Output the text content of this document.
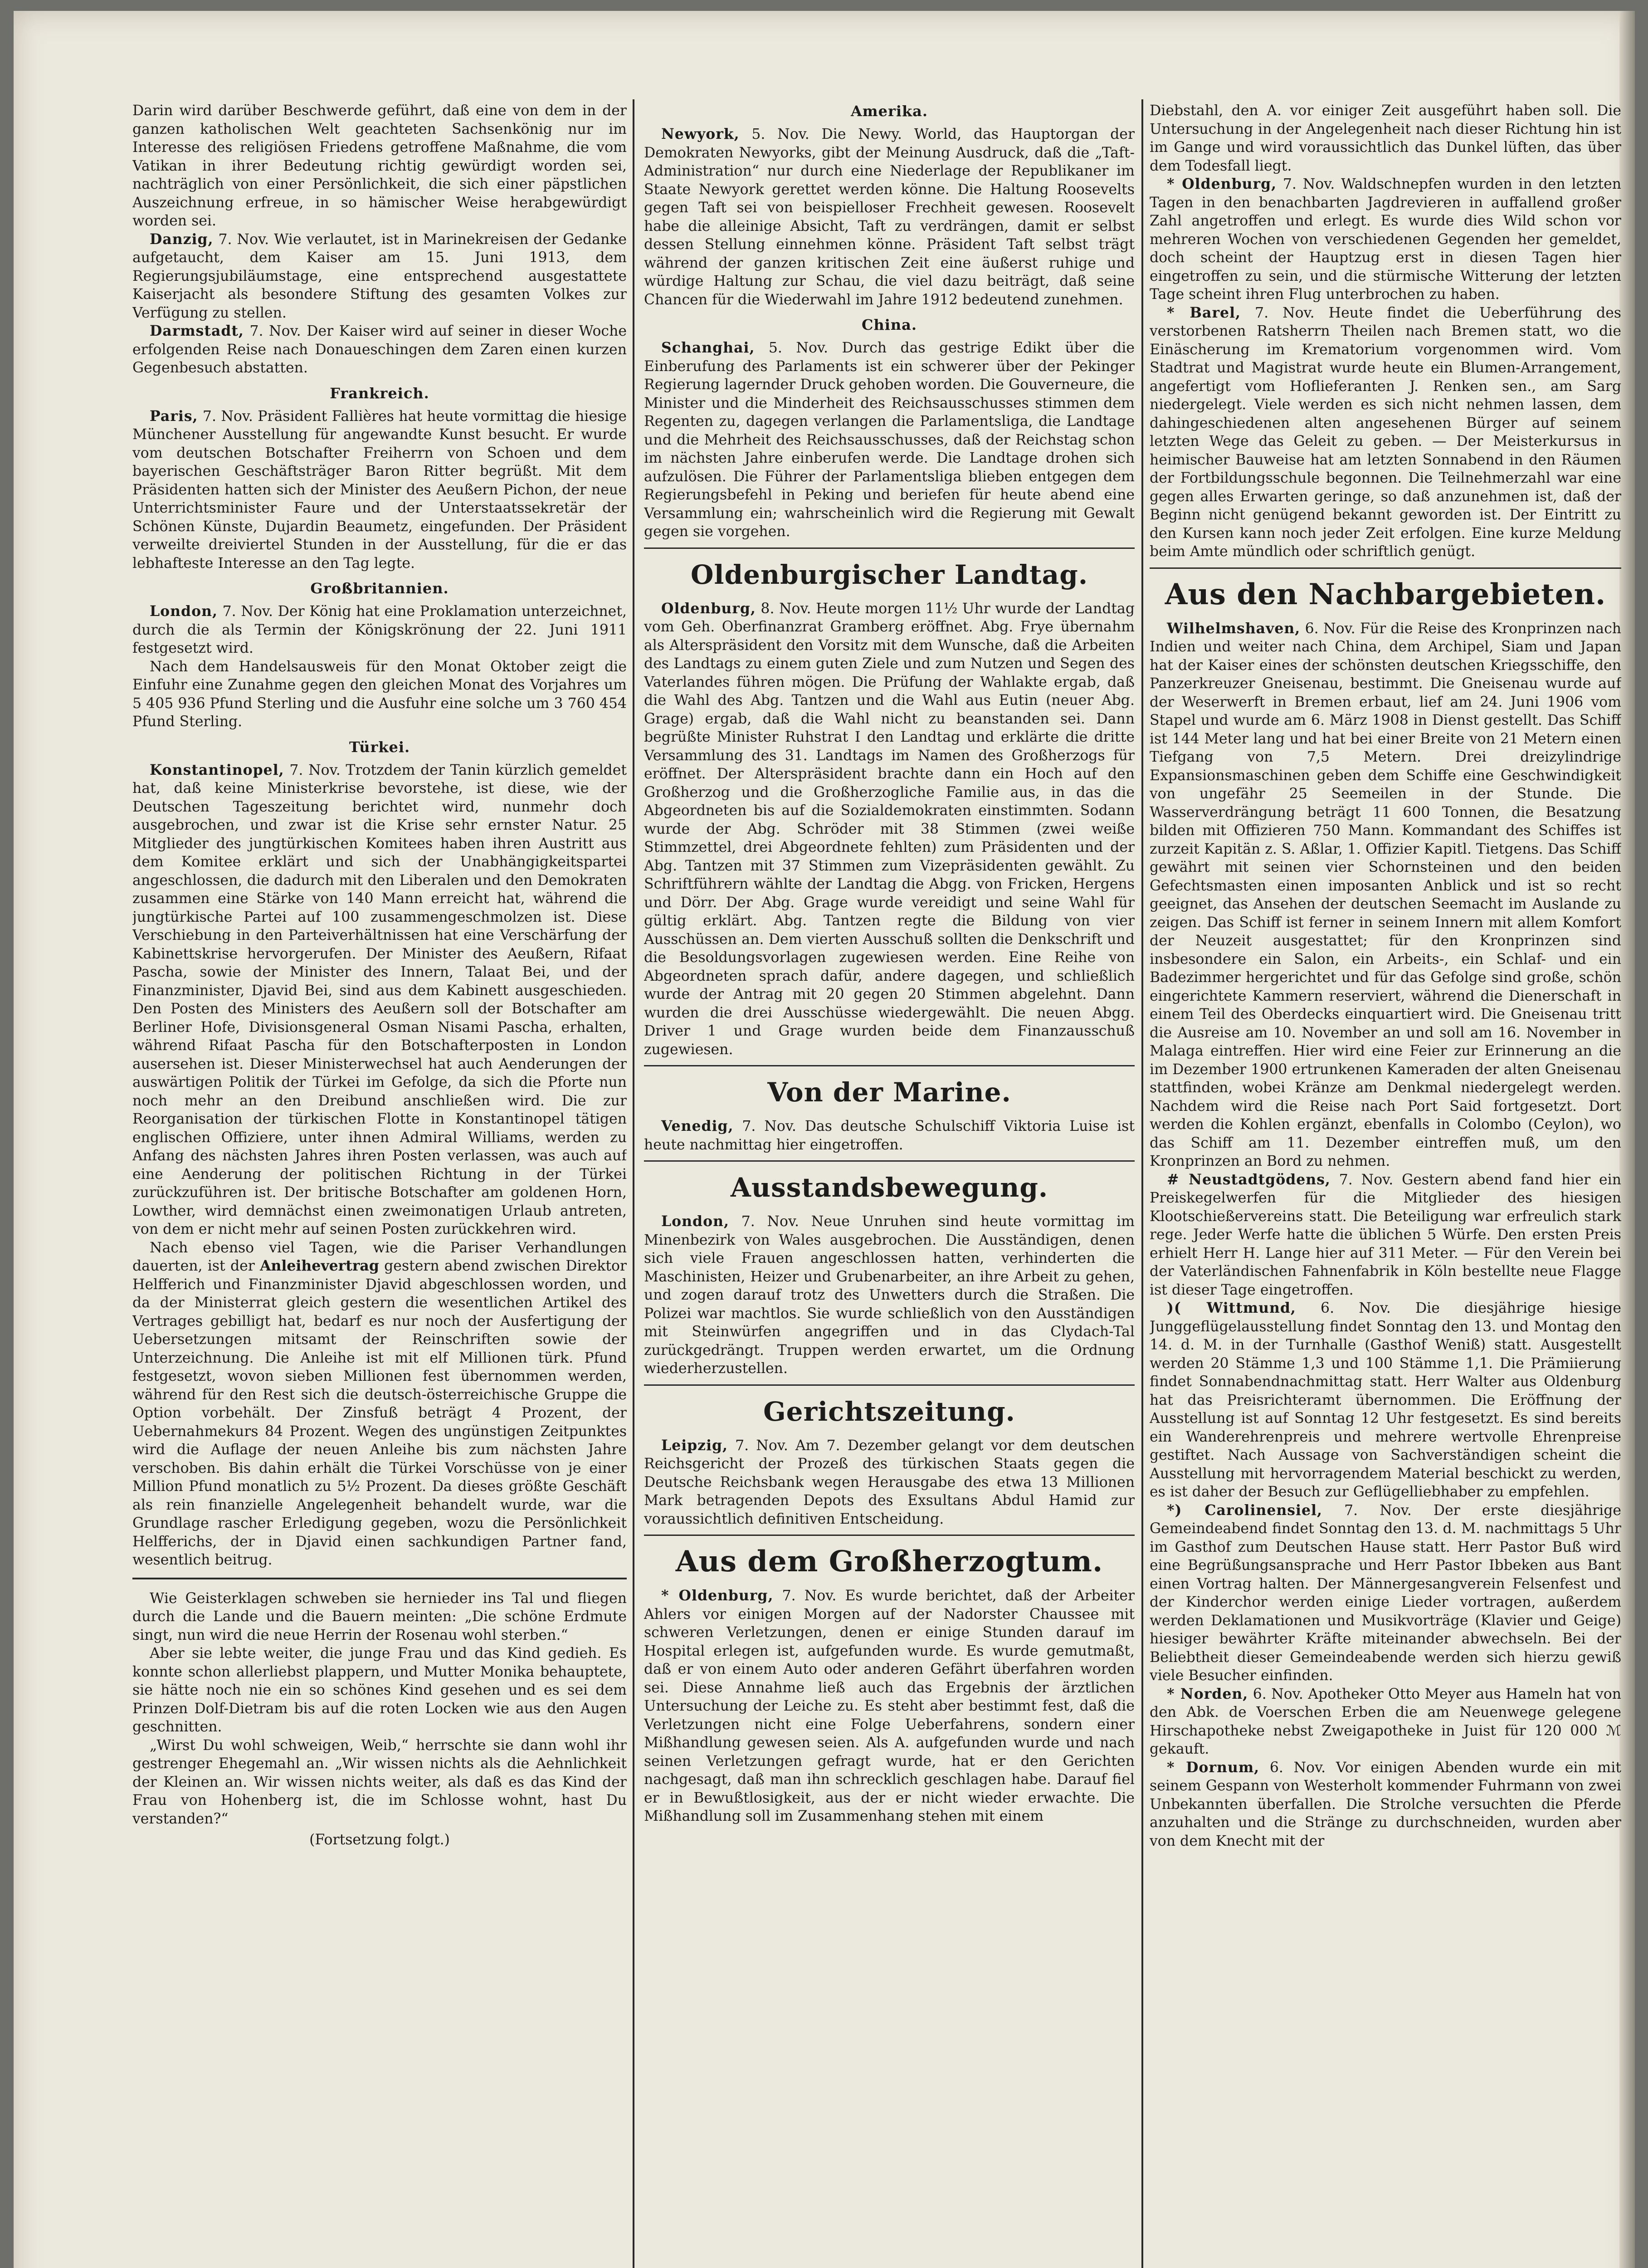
Darin wird darüber Beschwerde geführt, daß eine von dem in der ganzen katholischen Welt geachteten Sachsenkönig nur im Interesse des religiösen Friedens getroffene Maßnahme, die vom Vatikan in ihrer Bedeutung richtig gewürdigt worden sei, nachträglich von einer Persönlichkeit, die sich einer päpstlichen Auszeichnung erfreue, in so hämischer Weise herabgewürdigt worden sei.

Danzig, 7. Nov. Wie verlautet, ist in Marinekreisen der Gedanke aufgetaucht, dem Kaiser am 15. Juni 1913, dem Regierungsjubiläumstage, eine entsprechend ausgestattete Kaiserjacht als besondere Stiftung des gesamten Volkes zur Verfügung zu stellen.

Darmstadt, 7. Nov. Der Kaiser wird auf seiner in dieser Woche erfolgenden Reise nach Donaueschingen dem Zaren einen kurzen Gegenbesuch abstatten.

Frankreich.

Paris, 7. Nov. Präsident Fallières hat heute vormittag die hiesige Münchener Ausstellung für angewandte Kunst besucht. Er wurde vom deutschen Botschafter Freiherrn von Schoen und dem bayerischen Geschäftsträger Baron Ritter begrüßt. Mit dem Präsidenten hatten sich der Minister des Aeußern Pichon, der neue Unterrichtsminister Faure und der Unterstaatssekretär der Schönen Künste, Dujardin Beaumetz, eingefunden. Der Präsident verweilte dreiviertel Stunden in der Ausstellung, für die er das lebhafteste Interesse an den Tag legte.

Großbritannien.

London, 7. Nov. Der König hat eine Proklamation unterzeichnet, durch die als Termin der Königskrönung der 22. Juni 1911 festgesetzt wird.

Nach dem Handelsausweis für den Monat Oktober zeigt die Einfuhr eine Zunahme gegen den gleichen Monat des Vorjahres um 5 405 936 Pfund Sterling und die Ausfuhr eine solche um 3 760 454 Pfund Sterling.

Türkei.

Konstantinopel, 7. Nov. Trotzdem der Tanin kürzlich gemeldet hat, daß keine Ministerkrise bevorstehe, ist diese, wie der Deutschen Tageszeitung berichtet wird, nunmehr doch ausgebrochen, und zwar ist die Krise sehr ernster Natur. 25 Mitglieder des jungtürkischen Komitees haben ihren Austritt aus dem Komitee erklärt und sich der Unabhängigkeitspartei angeschlossen, die dadurch mit den Liberalen und den Demokraten zusammen eine Stärke von 140 Mann erreicht hat, während die jungtürkische Partei auf 100 zusammengeschmolzen ist. Diese Verschiebung in den Parteiverhältnissen hat eine Verschärfung der Kabinettskrise hervorgerufen. Der Minister des Aeußern, Rifaat Pascha, sowie der Minister des Innern, Talaat Bei, und der Finanzminister, Djavid Bei, sind aus dem Kabinett ausgeschieden. Den Posten des Ministers des Aeußern soll der Botschafter am Berliner Hofe, Divisionsgeneral Osman Nisami Pascha, erhalten, während Rifaat Pascha für den Botschafterposten in London ausersehen ist. Dieser Ministerwechsel hat auch Aenderungen der auswärtigen Politik der Türkei im Gefolge, da sich die Pforte nun noch mehr an den Dreibund anschließen wird. Die zur Reorganisation der türkischen Flotte in Konstantinopel tätigen englischen Offiziere, unter ihnen Admiral Williams, werden zu Anfang des nächsten Jahres ihren Posten verlassen, was auch auf eine Aenderung der politischen Richtung in der Türkei zurückzuführen ist. Der britische Botschafter am goldenen Horn, Lowther, wird demnächst einen zweimonatigen Urlaub antreten, von dem er nicht mehr auf seinen Posten zurückkehren wird.

Nach ebenso viel Tagen, wie die Pariser Verhandlungen dauerten, ist der Anleihevertrag gestern abend zwischen Direktor Helfferich und Finanzminister Djavid abgeschlossen worden, und da der Ministerrat gleich gestern die wesentlichen Artikel des Vertrages gebilligt hat, bedarf es nur noch der Ausfertigung der Uebersetzungen mitsamt der Reinschriften sowie der Unterzeichnung. Die Anleihe ist mit elf Millionen türk. Pfund festgesetzt, wovon sieben Millionen fest übernommen werden, während für den Rest sich die deutsch-österreichische Gruppe die Option vorbehält. Der Zinsfuß beträgt 4 Prozent, der Uebernahmekurs 84 Prozent. Wegen des ungünstigen Zeitpunktes wird die Auflage der neuen Anleihe bis zum nächsten Jahre verschoben. Bis dahin erhält die Türkei Vorschüsse von je einer Million Pfund monatlich zu 5½ Prozent. Da dieses größte Geschäft als rein finanzielle Angelegenheit behandelt wurde, war die Grundlage rascher Erledigung gegeben, wozu die Persönlichkeit Helfferichs, der in Djavid einen sachkundigen Partner fand, wesentlich beitrug.

Wie Geisterklagen schweben sie hernieder ins Tal und fliegen durch die Lande und die Bauern meinten: „Die schöne Erdmute singt, nun wird die neue Herrin der Rosenau wohl sterben.“

Aber sie lebte weiter, die junge Frau und das Kind gedieh. Es konnte schon allerliebst plappern, und Mutter Monika behauptete, sie hätte noch nie ein so schönes Kind gesehen und es sei dem Prinzen Dolf-Dietram bis auf die roten Locken wie aus den Augen geschnitten.

„Wirst Du wohl schweigen, Weib,“ herrschte sie dann wohl ihr gestrenger Ehegemahl an. „Wir wissen nichts als die Aehnlichkeit der Kleinen an. Wir wissen nichts weiter, als daß es das Kind der Frau von Hohenberg ist, die im Schlosse wohnt, hast Du verstanden?“

(Fortsetzung folgt.)
Amerika.

Newyork, 5. Nov. Die Newy. World, das Hauptorgan der Demokraten Newyorks, gibt der Meinung Ausdruck, daß die „Taft-Administration“ nur durch eine Niederlage der Republikaner im Staate Newyork gerettet werden könne. Die Haltung Roosevelts gegen Taft sei von beispielloser Frechheit gewesen. Roosevelt habe die alleinige Absicht, Taft zu verdrängen, damit er selbst dessen Stellung einnehmen könne. Präsident Taft selbst trägt während der ganzen kritischen Zeit eine äußerst ruhige und würdige Haltung zur Schau, die viel dazu beiträgt, daß seine Chancen für die Wiederwahl im Jahre 1912 bedeutend zunehmen.

China.

Schanghai, 5. Nov. Durch das gestrige Edikt über die Einberufung des Parlaments ist ein schwerer über der Pekinger Regierung lagernder Druck gehoben worden. Die Gouverneure, die Minister und die Minderheit des Reichsausschusses stimmen dem Regenten zu, dagegen verlangen die Parlamentsliga, die Landtage und die Mehrheit des Reichsausschusses, daß der Reichstag schon im nächsten Jahre einberufen werde. Die Landtage drohen sich aufzulösen. Die Führer der Parlamentsliga blieben entgegen dem Regierungsbefehl in Peking und beriefen für heute abend eine Versammlung ein; wahrscheinlich wird die Regierung mit Gewalt gegen sie vorgehen.

Oldenburgischer Landtag.

Oldenburg, 8. Nov. Heute morgen 11½ Uhr wurde der Landtag vom Geh. Oberfinanzrat Gramberg eröffnet. Abg. Frye übernahm als Alterspräsident den Vorsitz mit dem Wunsche, daß die Arbeiten des Landtags zu einem guten Ziele und zum Nutzen und Segen des Vaterlandes führen mögen. Die Prüfung der Wahlakte ergab, daß die Wahl des Abg. Tantzen und die Wahl aus Eutin (neuer Abg. Grage) ergab, daß die Wahl nicht zu beanstanden sei. Dann begrüßte Minister Ruhstrat I den Landtag und erklärte die dritte Versammlung des 31. Landtags im Namen des Großherzogs für eröffnet. Der Alterspräsident brachte dann ein Hoch auf den Großherzog und die Großherzogliche Familie aus, in das die Abgeordneten bis auf die Sozialdemokraten einstimmten. Sodann wurde der Abg. Schröder mit 38 Stimmen (zwei weiße Stimmzettel, drei Abgeordnete fehlten) zum Präsidenten und der Abg. Tantzen mit 37 Stimmen zum Vizepräsidenten gewählt. Zu Schriftführern wählte der Landtag die Abgg. von Fricken, Hergens und Dörr. Der Abg. Grage wurde vereidigt und seine Wahl für gültig erklärt. Abg. Tantzen regte die Bildung von vier Ausschüssen an. Dem vierten Ausschuß sollten die Denkschrift und die Besoldungsvorlagen zugewiesen werden. Eine Reihe von Abgeordneten sprach dafür, andere dagegen, und schließlich wurde der Antrag mit 20 gegen 20 Stimmen abgelehnt. Dann wurden die drei Ausschüsse wiedergewählt. Die neuen Abgg. Driver 1 und Grage wurden beide dem Finanzausschuß zugewiesen.

Von der Marine.

Venedig, 7. Nov. Das deutsche Schulschiff Viktoria Luise ist heute nachmittag hier eingetroffen.

Ausstandsbewegung.

London, 7. Nov. Neue Unruhen sind heute vormittag im Minenbezirk von Wales ausgebrochen. Die Ausständigen, denen sich viele Frauen angeschlossen hatten, verhinderten die Maschinisten, Heizer und Grubenarbeiter, an ihre Arbeit zu gehen, und zogen darauf trotz des Unwetters durch die Straßen. Die Polizei war machtlos. Sie wurde schließlich von den Ausständigen mit Steinwürfen angegriffen und in das Clydach-Tal zurückgedrängt. Truppen werden erwartet, um die Ordnung wiederherzustellen.

Gerichtszeitung.

Leipzig, 7. Nov. Am 7. Dezember gelangt vor dem deutschen Reichsgericht der Prozeß des türkischen Staats gegen die Deutsche Reichsbank wegen Herausgabe des etwa 13 Millionen Mark betragenden Depots des Exsultans Abdul Hamid zur voraussichtlich definitiven Entscheidung.

Aus dem Großherzogtum.

* Oldenburg, 7. Nov. Es wurde berichtet, daß der Arbeiter Ahlers vor einigen Morgen auf der Nadorster Chaussee mit schweren Verletzungen, denen er einige Stunden darauf im Hospital erlegen ist, aufgefunden wurde. Es wurde gemutmaßt, daß er von einem Auto oder anderen Gefährt überfahren worden sei. Diese Annahme ließ auch das Ergebnis der ärztlichen Untersuchung der Leiche zu. Es steht aber bestimmt fest, daß die Verletzungen nicht eine Folge Ueberfahrens, sondern einer Mißhandlung gewesen seien. Als A. aufgefunden wurde und nach seinen Verletzungen gefragt wurde, hat er den Gerichten nachgesagt, daß man ihn schrecklich geschlagen habe. Darauf fiel er in Bewußtlosigkeit, aus der er nicht wieder erwachte. Die Mißhandlung soll im Zusammenhang stehen mit einem

Diebstahl, den A. vor einiger Zeit ausgeführt haben soll. Die Untersuchung in der Angelegenheit nach dieser Richtung hin ist im Gange und wird voraussichtlich das Dunkel lüften, das über dem Todesfall liegt.

* Oldenburg, 7. Nov. Waldschnepfen wurden in den letzten Tagen in den benachbarten Jagdrevieren in auffallend großer Zahl angetroffen und erlegt. Es wurde dies Wild schon vor mehreren Wochen von verschiedenen Gegenden her gemeldet, doch scheint der Hauptzug erst in diesen Tagen hier eingetroffen zu sein, und die stürmische Witterung der letzten Tage scheint ihren Flug unterbrochen zu haben.

* Barel, 7. Nov. Heute findet die Ueberführung des verstorbenen Ratsherrn Theilen nach Bremen statt, wo die Einäscherung im Krematorium vorgenommen wird. Vom Stadtrat und Magistrat wurde heute ein Blumen-Arrangement, angefertigt vom Hoflieferanten J. Renken sen., am Sarg niedergelegt. Viele werden es sich nicht nehmen lassen, dem dahingeschiedenen alten angesehenen Bürger auf seinem letzten Wege das Geleit zu geben. — Der Meisterkursus in heimischer Bauweise hat am letzten Sonnabend in den Räumen der Fortbildungsschule begonnen. Die Teilnehmerzahl war eine gegen alles Erwarten geringe, so daß anzunehmen ist, daß der Beginn nicht genügend bekannt geworden ist. Der Eintritt zu den Kursen kann noch jeder Zeit erfolgen. Eine kurze Meldung beim Amte mündlich oder schriftlich genügt.

Aus den Nachbargebieten.

Wilhelmshaven, 6. Nov. Für die Reise des Kronprinzen nach Indien und weiter nach China, dem Archipel, Siam und Japan hat der Kaiser eines der schönsten deutschen Kriegsschiffe, den Panzerkreuzer Gneisenau, bestimmt. Die Gneisenau wurde auf der Weserwerft in Bremen erbaut, lief am 24. Juni 1906 vom Stapel und wurde am 6. März 1908 in Dienst gestellt. Das Schiff ist 144 Meter lang und hat bei einer Breite von 21 Metern einen Tiefgang von 7,5 Metern. Drei dreizylindrige Expansionsmaschinen geben dem Schiffe eine Geschwindigkeit von ungefähr 25 Seemeilen in der Stunde. Die Wasserverdrängung beträgt 11 600 Tonnen, die Besatzung bilden mit Offizieren 750 Mann. Kommandant des Schiffes ist zurzeit Kapitän z. S. Aßlar, 1. Offizier Kapitl. Tietgens. Das Schiff gewährt mit seinen vier Schornsteinen und den beiden Gefechtsmasten einen imposanten Anblick und ist so recht geeignet, das Ansehen der deutschen Seemacht im Auslande zu zeigen. Das Schiff ist ferner in seinem Innern mit allem Komfort der Neuzeit ausgestattet; für den Kronprinzen sind insbesondere ein Salon, ein Arbeits-, ein Schlaf- und ein Badezimmer hergerichtet und für das Gefolge sind große, schön eingerichtete Kammern reserviert, während die Dienerschaft in einem Teil des Oberdecks einquartiert wird. Die Gneisenau tritt die Ausreise am 10. November an und soll am 16. November in Malaga eintreffen. Hier wird eine Feier zur Erinnerung an die im Dezember 1900 ertrunkenen Kameraden der alten Gneisenau stattfinden, wobei Kränze am Denkmal niedergelegt werden. Nachdem wird die Reise nach Port Said fortgesetzt. Dort werden die Kohlen ergänzt, ebenfalls in Colombo (Ceylon), wo das Schiff am 11. Dezember eintreffen muß, um den Kronprinzen an Bord zu nehmen.

# Neustadtgödens, 7. Nov. Gestern abend fand hier ein Preiskegelwerfen für die Mitglieder des hiesigen Klootschießervereins statt. Die Beteiligung war erfreulich stark rege. Jeder Werfe hatte die üblichen 5 Würfe. Den ersten Preis erhielt Herr H. Lange hier auf 311 Meter. — Für den Verein bei der Vaterländischen Fahnenfabrik in Köln bestellte neue Flagge ist dieser Tage eingetroffen.

)( Wittmund, 6. Nov. Die diesjährige hiesige Junggeflügelausstellung findet Sonntag den 13. und Montag den 14. d. M. in der Turnhalle (Gasthof Weniß) statt. Ausgestellt werden 20 Stämme 1,3 und 100 Stämme 1,1. Die Prämiierung findet Sonnabendnachmittag statt. Herr Walter aus Oldenburg hat das Preisrichteramt übernommen. Die Eröffnung der Ausstellung ist auf Sonntag 12 Uhr festgesetzt. Es sind bereits ein Wanderehrenpreis und mehrere wertvolle Ehrenpreise gestiftet. Nach Aussage von Sachverständigen scheint die Ausstellung mit hervorragendem Material beschickt zu werden, es ist daher der Besuch zur Geflügelliebhaber zu empfehlen.

*) Carolinensiel, 7. Nov. Der erste diesjährige Gemeindeabend findet Sonntag den 13. d. M. nachmittags 5 Uhr im Gasthof zum Deutschen Hause statt. Herr Pastor Buß wird eine Begrüßungsansprache und Herr Pastor Ibbeken aus Bant einen Vortrag halten. Der Männergesangverein Felsenfest und der Kinderchor werden einige Lieder vortragen, außerdem werden Deklamationen und Musikvorträge (Klavier und Geige) hiesiger bewährter Kräfte miteinander abwechseln. Bei der Beliebtheit dieser Gemeindeabende werden sich hierzu gewiß viele Besucher einfinden.

* Norden, 6. Nov. Apotheker Otto Meyer aus Hameln hat von den Abk. de Voerschen Erben die am Neuenwege gelegene Hirschapotheke nebst Zweigapotheke in Juist für 120 000 ℳ gekauft.

* Dornum, 6. Nov. Vor einigen Abenden wurde ein mit seinem Gespann von Westerholt kommender Fuhrmann von zwei Unbekannten überfallen. Die Strolche versuchten die Pferde anzuhalten und die Stränge zu durchschneiden, wurden aber von dem Knecht mit der
